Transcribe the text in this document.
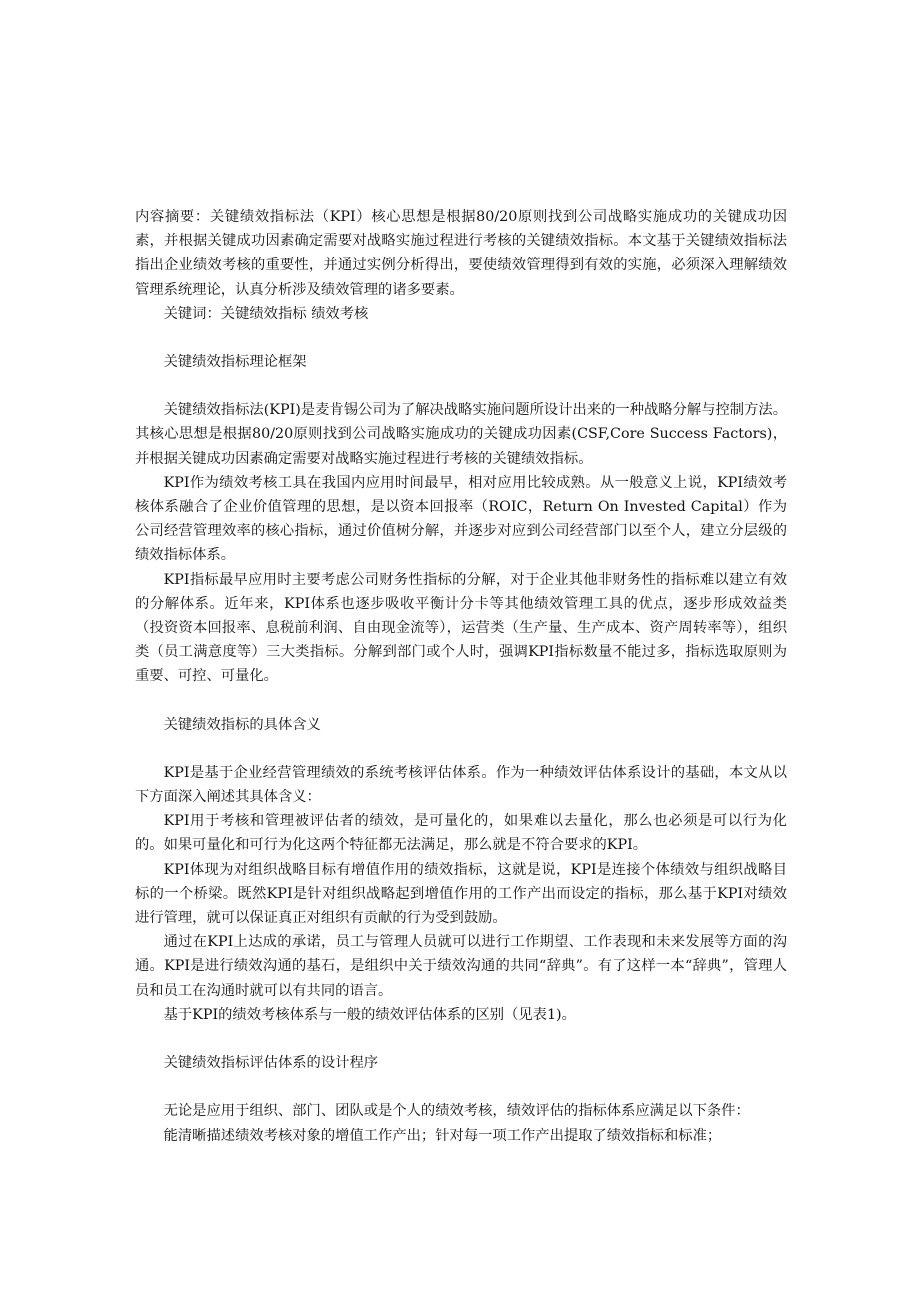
内容摘要：关键绩效指标法（KPI）核心思想是根据80/20原则找到公司战略实施成功的关键成功因素，并根据关键成功因素确定需要对战略实施过程进行考核的关键绩效指标。本文基于关键绩效指标法指出企业绩效考核的重要性，并通过实例分析得出，要使绩效管理得到有效的实施，必须深入理解绩效管理系统理论，认真分析涉及绩效管理的诸多要素。

关键词：关键绩效指标 绩效考核

关键绩效指标理论框架

关键绩效指标法(KPI)是麦肯锡公司为了解决战略实施问题所设计出来的一种战略分解与控制方法。其核心思想是根据80/20原则找到公司战略实施成功的关键成功因素(CSF,Core Success Factors)，并根据关键成功因素确定需要对战略实施过程进行考核的关键绩效指标。

KPI作为绩效考核工具在我国内应用时间最早，相对应用比较成熟。从一般意义上说，KPI绩效考核体系融合了企业价值管理的思想，是以资本回报率（ROIC，Return On Invested Capital）作为公司经营管理效率的核心指标，通过价值树分解，并逐步对应到公司经营部门以至个人，建立分层级的绩效指标体系。

KPI指标最早应用时主要考虑公司财务性指标的分解，对于企业其他非财务性的指标难以建立有效的分解体系。近年来，KPI体系也逐步吸收平衡计分卡等其他绩效管理工具的优点，逐步形成效益类（投资资本回报率、息税前利润、自由现金流等），运营类（生产量、生产成本、资产周转率等），组织类（员工满意度等）三大类指标。分解到部门或个人时，强调KPI指标数量不能过多，指标选取原则为重要、可控、可量化。

关键绩效指标的具体含义

KPI是基于企业经营管理绩效的系统考核评估体系。作为一种绩效评估体系设计的基础，本文从以下方面深入阐述其具体含义：

KPI用于考核和管理被评估者的绩效，是可量化的，如果难以去量化，那么也必须是可以行为化的。如果可量化和可行为化这两个特征都无法满足，那么就是不符合要求的KPI。

KPI体现为对组织战略目标有增值作用的绩效指标，这就是说，KPI是连接个体绩效与组织战略目标的一个桥梁。既然KPI是针对组织战略起到增值作用的工作产出而设定的指标，那么基于KPI对绩效进行管理，就可以保证真正对组织有贡献的行为受到鼓励。

通过在KPI上达成的承诺，员工与管理人员就可以进行工作期望、工作表现和未来发展等方面的沟通。KPI是进行绩效沟通的基石，是组织中关于绩效沟通的共同“辞典”。有了这样一本“辞典”，管理人员和员工在沟通时就可以有共同的语言。

基于KPI的绩效考核体系与一般的绩效评估体系的区别（见表1)。

关键绩效指标评估体系的设计程序

无论是应用于组织、部门、团队或是个人的绩效考核，绩效评估的指标体系应满足以下条件：

能清晰描述绩效考核对象的增值工作产出；针对每一项工作产出提取了绩效指标和标准；
